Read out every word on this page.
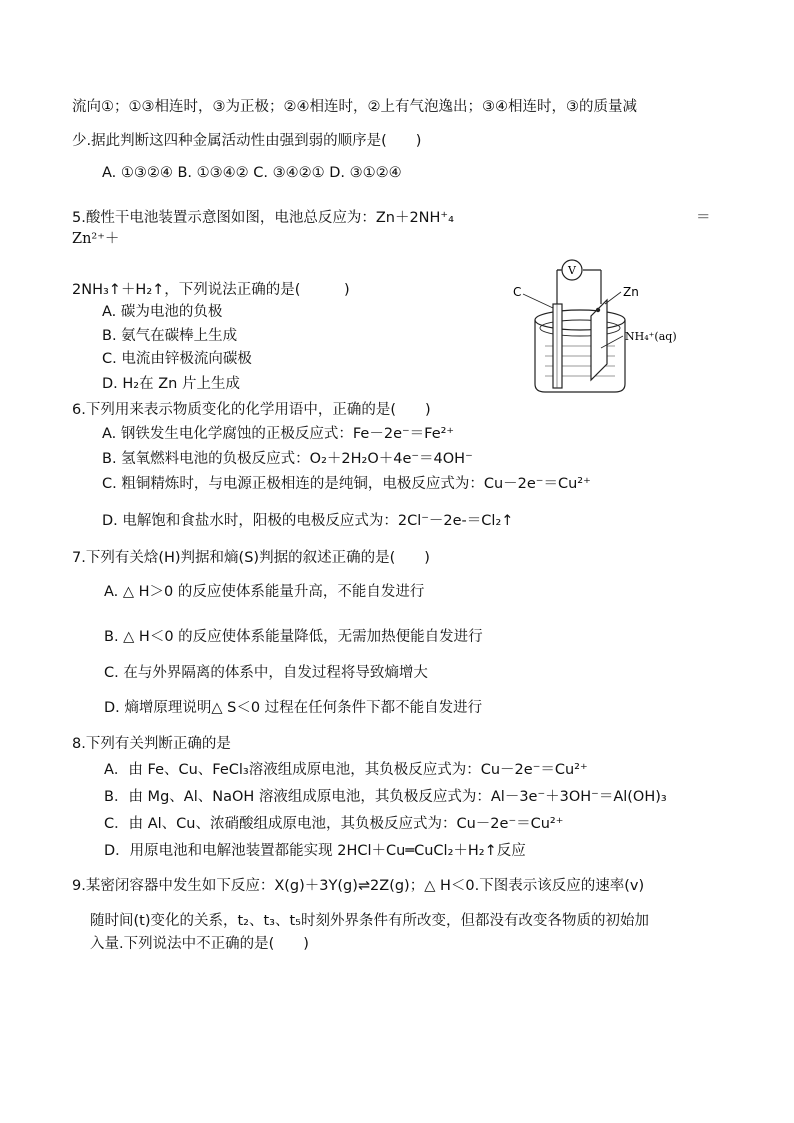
流向①；①③相连时，③为正极；②④相连时，②上有气泡逸出；③④相连时，③的质量减
少.据此判断这四种金属活动性由强到弱的顺序是(　　)
A. ①③②④ B. ①③④② C. ③④②① D. ③①②④
5.酸性干电池装置示意图如图，电池总反应为：Zn＋2NH⁺₄	＝
Zn²⁺＋
2NH₃↑＋H₂↑，下列说法正确的是(　　　)
A. 碳为电池的负极
B. 氨气在碳棒上生成
C. 电流由锌极流向碳极
D. H₂在 Zn 片上生成
V
C	Zn
NH₄⁺(aq)
6.下列用来表示物质变化的化学用语中，正确的是(　　)
A. 钢铁发生电化学腐蚀的正极反应式：Fe－2e⁻＝Fe²⁺
B. 氢氧燃料电池的负极反应式：O₂＋2H₂O＋4e⁻＝4OH⁻
C. 粗铜精炼时，与电源正极相连的是纯铜，电极反应式为：Cu－2e⁻＝Cu²⁺
D. 电解饱和食盐水时，阳极的电极反应式为：2Cl⁻－2e-＝Cl₂↑
7.下列有关焓(H)判据和熵(S)判据的叙述正确的是(　　)
A. △ H＞0 的反应使体系能量升高，不能自发进行
B. △ H＜0 的反应使体系能量降低，无需加热便能自发进行
C. 在与外界隔离的体系中，自发过程将导致熵增大
D. 熵增原理说明△ S＜0 过程在任何条件下都不能自发进行
8.下列有关判断正确的是
A．由 Fe、Cu、FeCl₃溶液组成原电池，其负极反应式为：Cu－2e⁻＝Cu²⁺
B．由 Mg、Al、NaOH 溶液组成原电池，其负极反应式为：Al－3e⁻＋3OH⁻＝Al(OH)₃
C．由 Al、Cu、浓硝酸组成原电池，其负极反应式为：Cu－2e⁻＝Cu²⁺
D．用原电池和电解池装置都能实现 2HCl＋Cu═CuCl₂＋H₂↑反应
9.某密闭容器中发生如下反应：X(g)＋3Y(g)⇌2Z(g)；△ H＜0.下图表示该反应的速率(v)
随时间(t)变化的关系，t₂、t₃、t₅时刻外界条件有所改变，但都没有改变各物质的初始加
入量.下列说法中不正确的是(　　)
